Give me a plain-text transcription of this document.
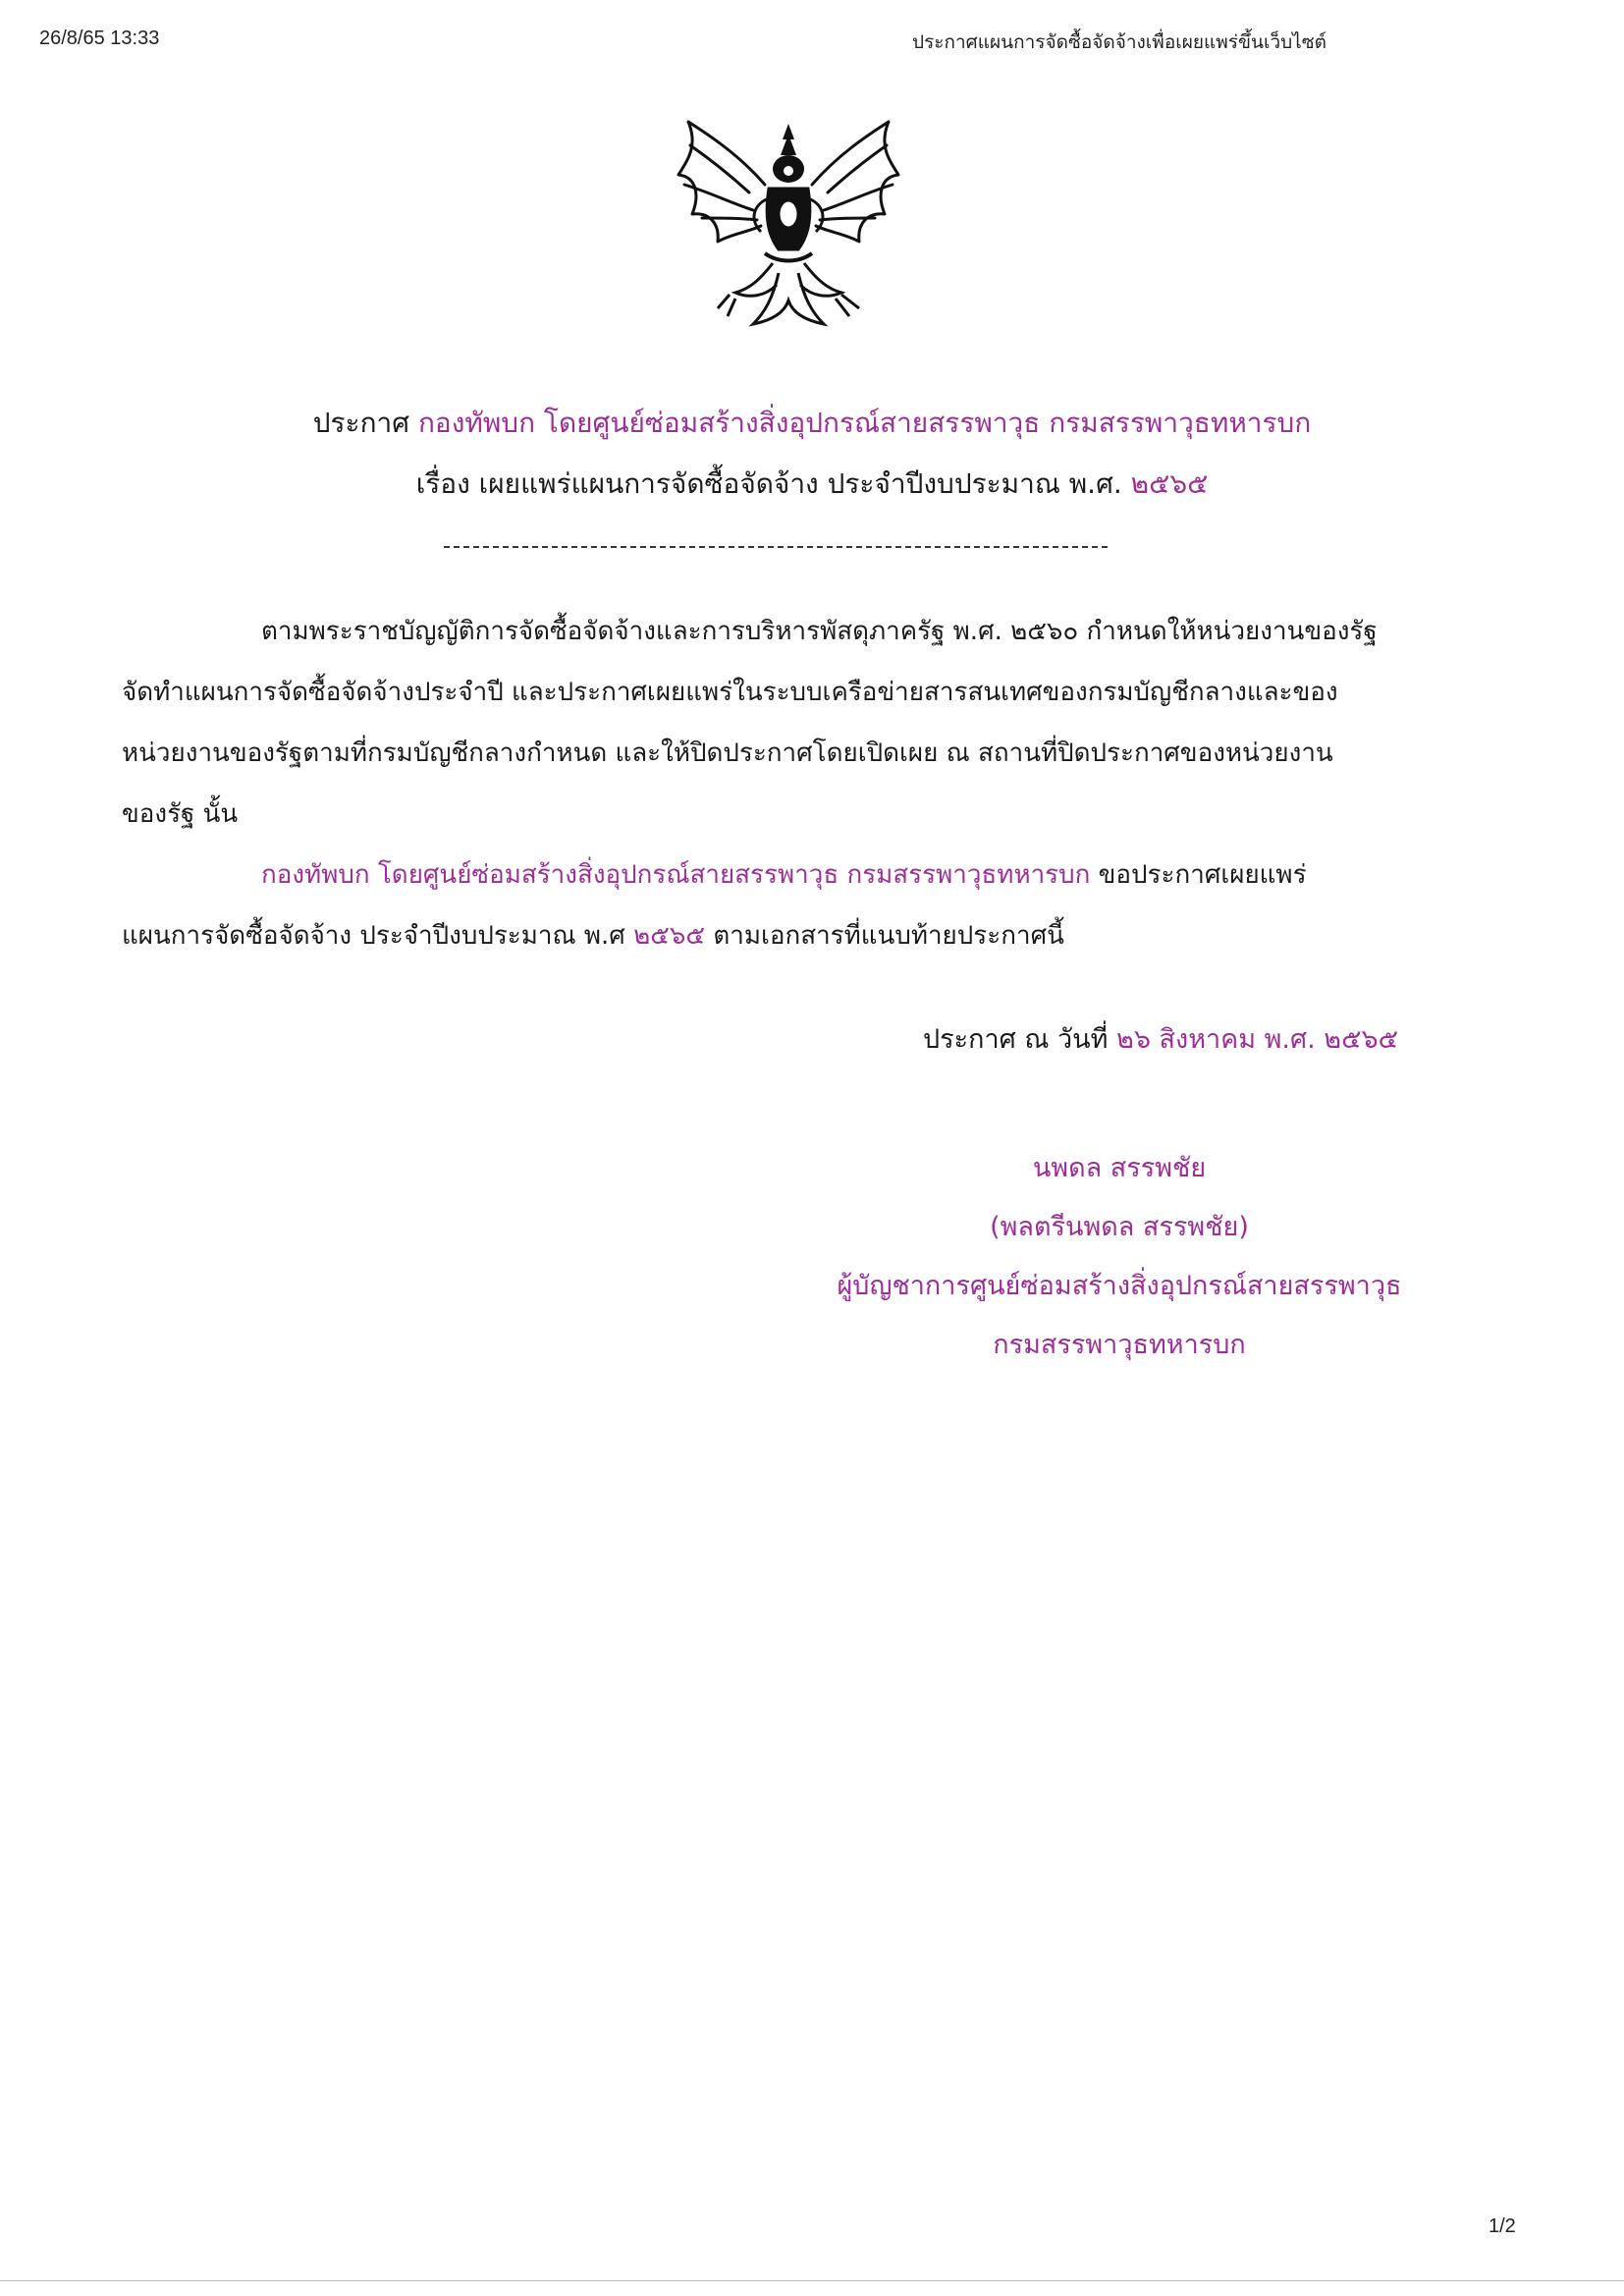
26/8/65 13:33	ประกาศแผนการจัดซื้อจัดจ้างเพื่อเผยแพร่ขึ้นเว็บไซต์
ประกาศ กองทัพบก โดยศูนย์ซ่อมสร้างสิ่งอุปกรณ์สายสรรพาวุธ กรมสรรพาวุธทหารบก
เรื่อง เผยแพร่แผนการจัดซื้อจัดจ้าง ประจำปีงบประมาณ พ.ศ. ๒๕๖๕
ตามพระราชบัญญัติการจัดซื้อจัดจ้างและการบริหารพัสดุภาครัฐ พ.ศ. ๒๕๖๐ กำหนดให้หน่วยงานของรัฐ
จัดทำแผนการจัดซื้อจัดจ้างประจำปี และประกาศเผยแพร่ในระบบเครือข่ายสารสนเทศของกรมบัญชีกลางและของ
หน่วยงานของรัฐตามที่กรมบัญชีกลางกำหนด และให้ปิดประกาศโดยเปิดเผย ณ สถานที่ปิดประกาศของหน่วยงาน
ของรัฐ นั้น
กองทัพบก โดยศูนย์ซ่อมสร้างสิ่งอุปกรณ์สายสรรพาวุธ กรมสรรพาวุธทหารบก ขอประกาศเผยแพร่
แผนการจัดซื้อจัดจ้าง ประจำปีงบประมาณ พ.ศ ๒๕๖๕ ตามเอกสารที่แนบท้ายประกาศนี้
ประกาศ ณ วันที่ ๒๖ สิงหาคม พ.ศ. ๒๕๖๕
นพดล สรรพชัย
(พลตรีนพดล สรรพชัย)
ผู้บัญชาการศูนย์ซ่อมสร้างสิ่งอุปกรณ์สายสรรพาวุธ
กรมสรรพาวุธทหารบก
1/2
